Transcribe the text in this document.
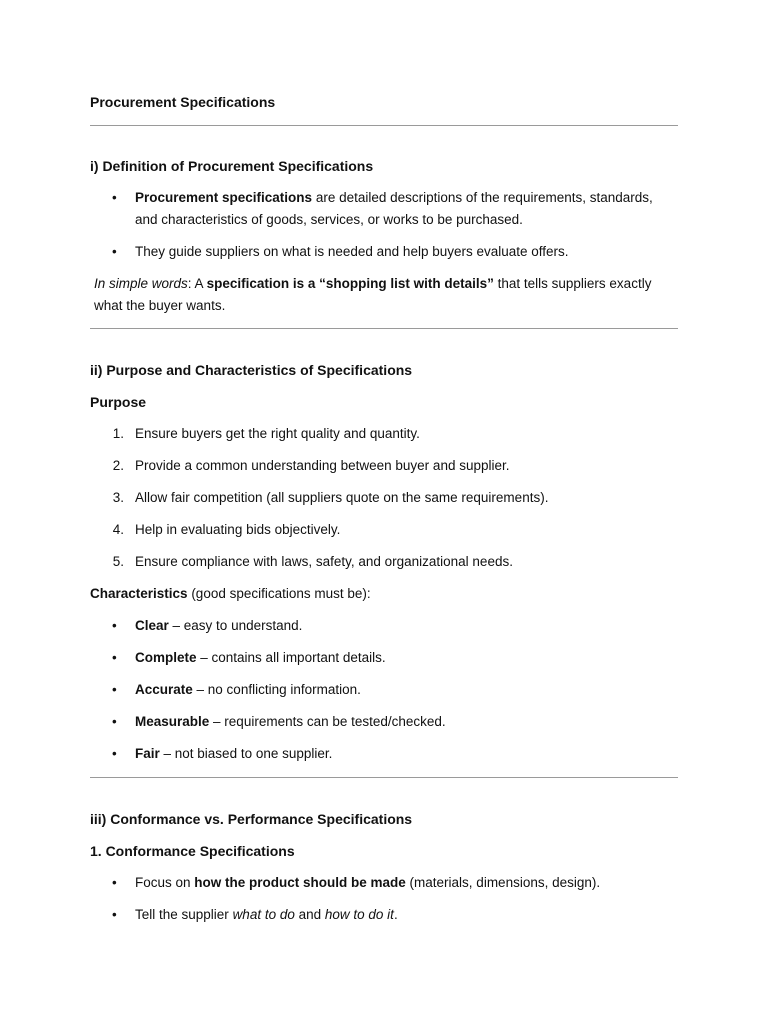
Procurement Specifications
i) Definition of Procurement Specifications
• Procurement specifications are detailed descriptions of the requirements, standards, and characteristics of goods, services, or works to be purchased.
• They guide suppliers on what is needed and help buyers evaluate offers.
In simple words: A specification is a “shopping list with details” that tells suppliers exactly what the buyer wants.
ii) Purpose and Characteristics of Specifications
Purpose
1. Ensure buyers get the right quality and quantity.
2. Provide a common understanding between buyer and supplier.
3. Allow fair competition (all suppliers quote on the same requirements).
4. Help in evaluating bids objectively.
5. Ensure compliance with laws, safety, and organizational needs.
Characteristics (good specifications must be):
• Clear – easy to understand.
• Complete – contains all important details.
• Accurate – no conflicting information.
• Measurable – requirements can be tested/checked.
• Fair – not biased to one supplier.
iii) Conformance vs. Performance Specifications
1. Conformance Specifications
• Focus on how the product should be made (materials, dimensions, design).
• Tell the supplier what to do and how to do it.
